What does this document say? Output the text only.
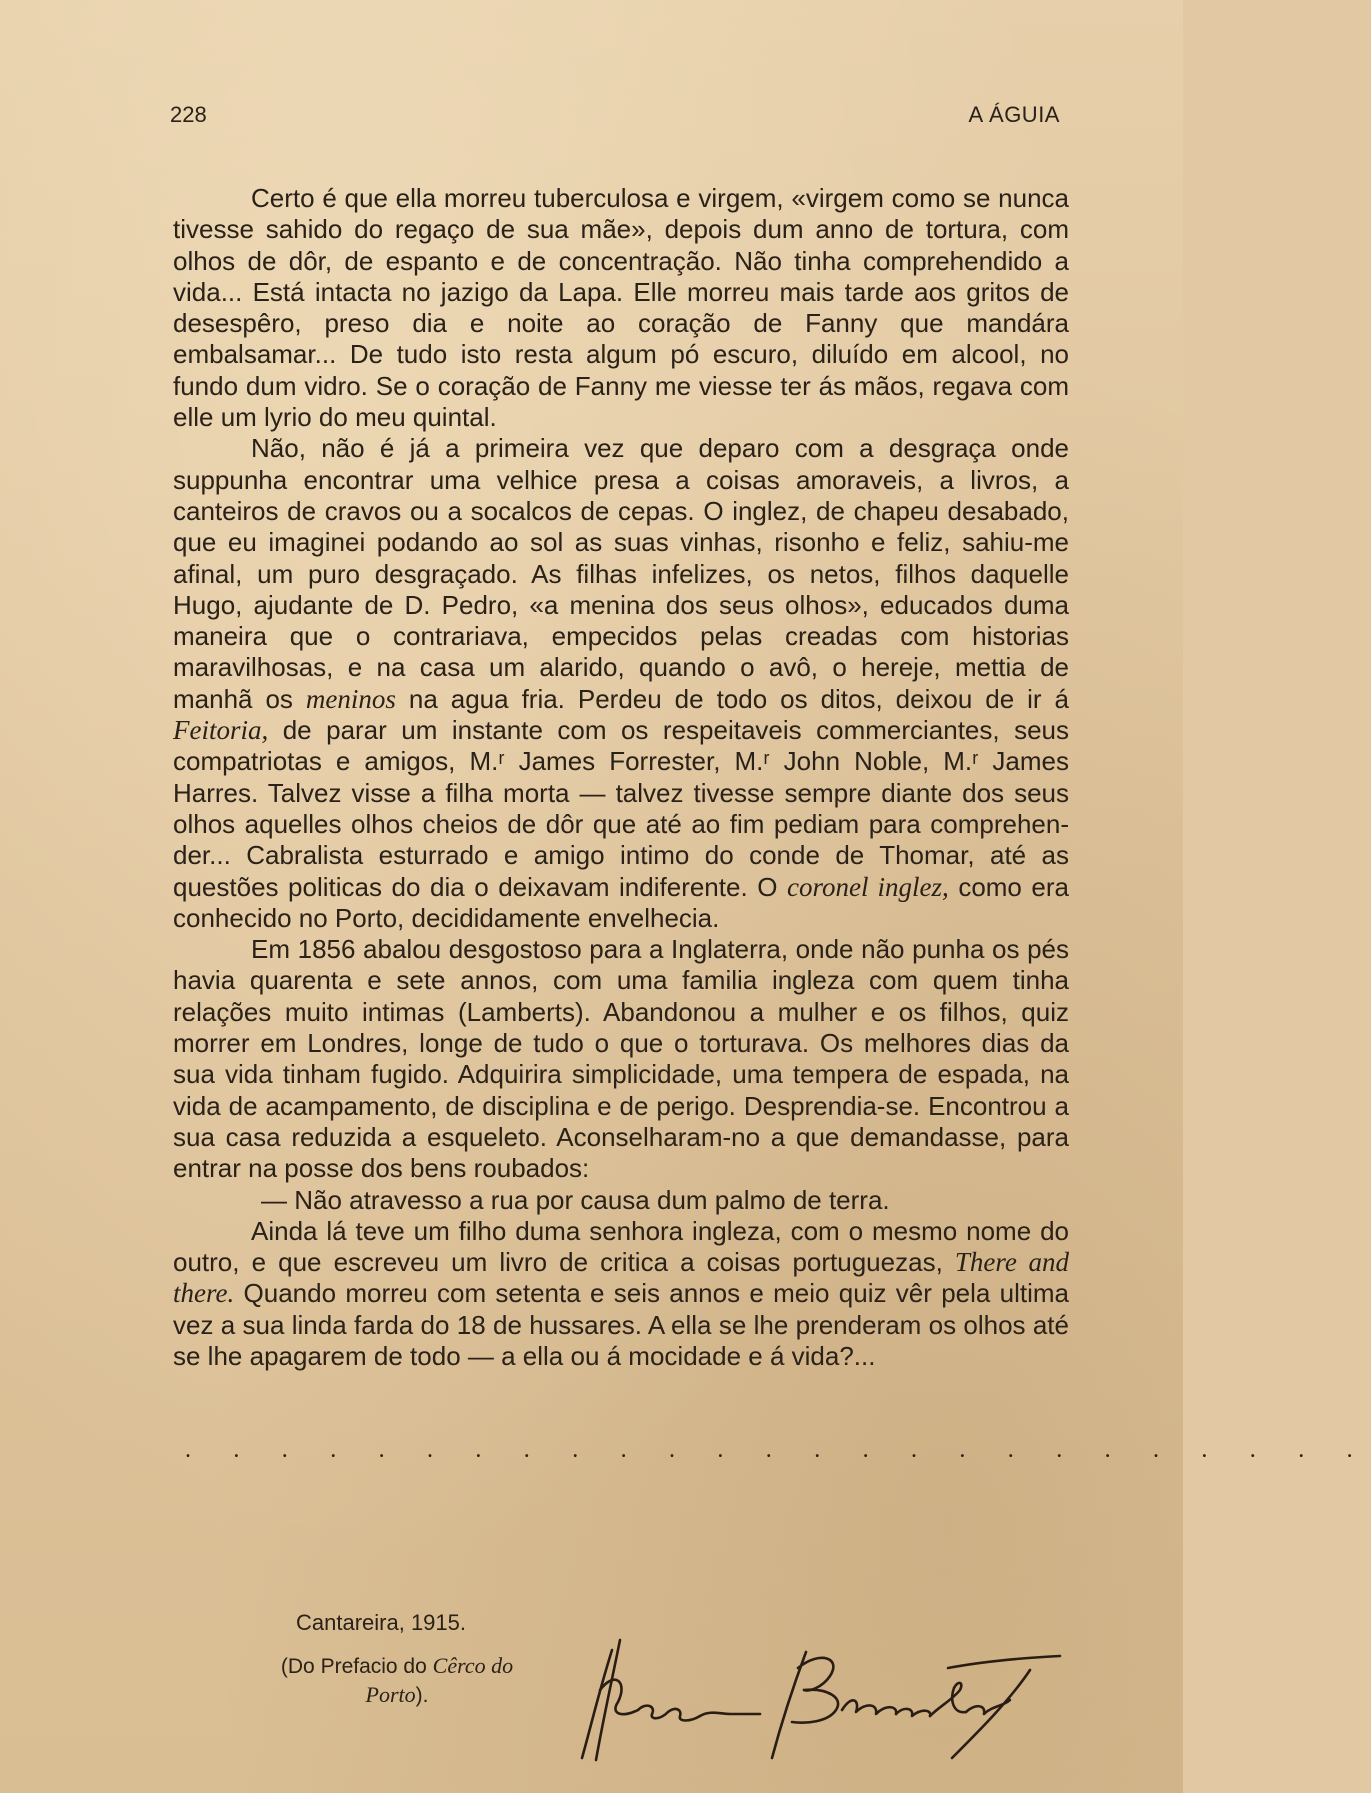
228	A ÁGUIA

Certo é que ella morreu tuberculosa e virgem, «virgem como se nunca tivesse sahido do regaço de sua mãe», depois dum anno de tortura, com olhos de dôr, de espanto e de concentração. Não tinha comprehendido a vida... Está intacta no jazigo da Lapa. Elle morreu mais tarde aos gritos de desespêro, preso dia e noite ao coração de Fanny que mandára embalsamar... De tudo isto resta algum pó escuro, diluído em alcool, no fundo dum vidro. Se o coração de Fanny me viesse ter ás mãos, regava com elle um lyrio do meu quintal.

Não, não é já a primeira vez que deparo com a desgraça onde suppunha encontrar uma velhice presa a coisas amoraveis, a livros, a canteiros de cravos ou a socalcos de cepas. O inglez, de chapeu desabado, que eu imaginei podando ao sol as suas vinhas, risonho e feliz, sahiu-me afinal, um puro desgraçado. As filhas infelizes, os netos, filhos daquelle Hugo, ajudante de D. Pedro, «a menina dos seus olhos», educados duma maneira que o contrariava, empecidos pelas creadas com historias maravilhosas, e na casa um alarido, quando o avô, o hereje, mettia de manhã os meninos na agua fria. Perdeu de todo os ditos, deixou de ir á Feitoria, de parar um instante com os respeitaveis commerciantes, seus compatriotas e amigos, M.ʳ James Forrester, M.ʳ John Noble, M.ʳ James Harres. Talvez visse a filha morta — talvez tivesse sempre diante dos seus olhos aquelles olhos cheios de dôr que até ao fim pediam para comprehender... Cabralista esturrado e amigo intimo do conde de Thomar, até as questões politicas do dia o deixavam indiferente. O coronel inglez, como era conhecido no Porto, decididamente envelhecia.

Em 1856 abalou desgostoso para a Inglaterra, onde não punha os pés havia quarenta e sete annos, com uma familia ingleza com quem tinha relações muito intimas (Lamberts). Abandonou a mulher e os filhos, quiz morrer em Londres, longe de tudo o que o torturava. Os melhores dias da sua vida tinham fugido. Adquirira simplicidade, uma tempera de espada, na vida de acampamento, de disciplina e de perigo. Desprendia-se. Encontrou a sua casa reduzida a esqueleto. Aconselharam-no a que demandasse, para entrar na posse dos bens roubados:

— Não atravesso a rua por causa dum palmo de terra.

Ainda lá teve um filho duma senhora ingleza, com o mesmo nome do outro, e que escreveu um livro de critica a coisas portuguezas, There and there. Quando morreu com setenta e seis annos e meio quiz vêr pela ultima vez a sua linda farda do 18 de hussares. A ella se lhe prenderam os olhos até se lhe apagarem de todo — a ella ou á mocidade e á vida?...

. . . . . . . . . . . . . . . . . . . . . . . . .
Cantareira, 1915.
(Do Prefacio do Cêrco do Porto).
